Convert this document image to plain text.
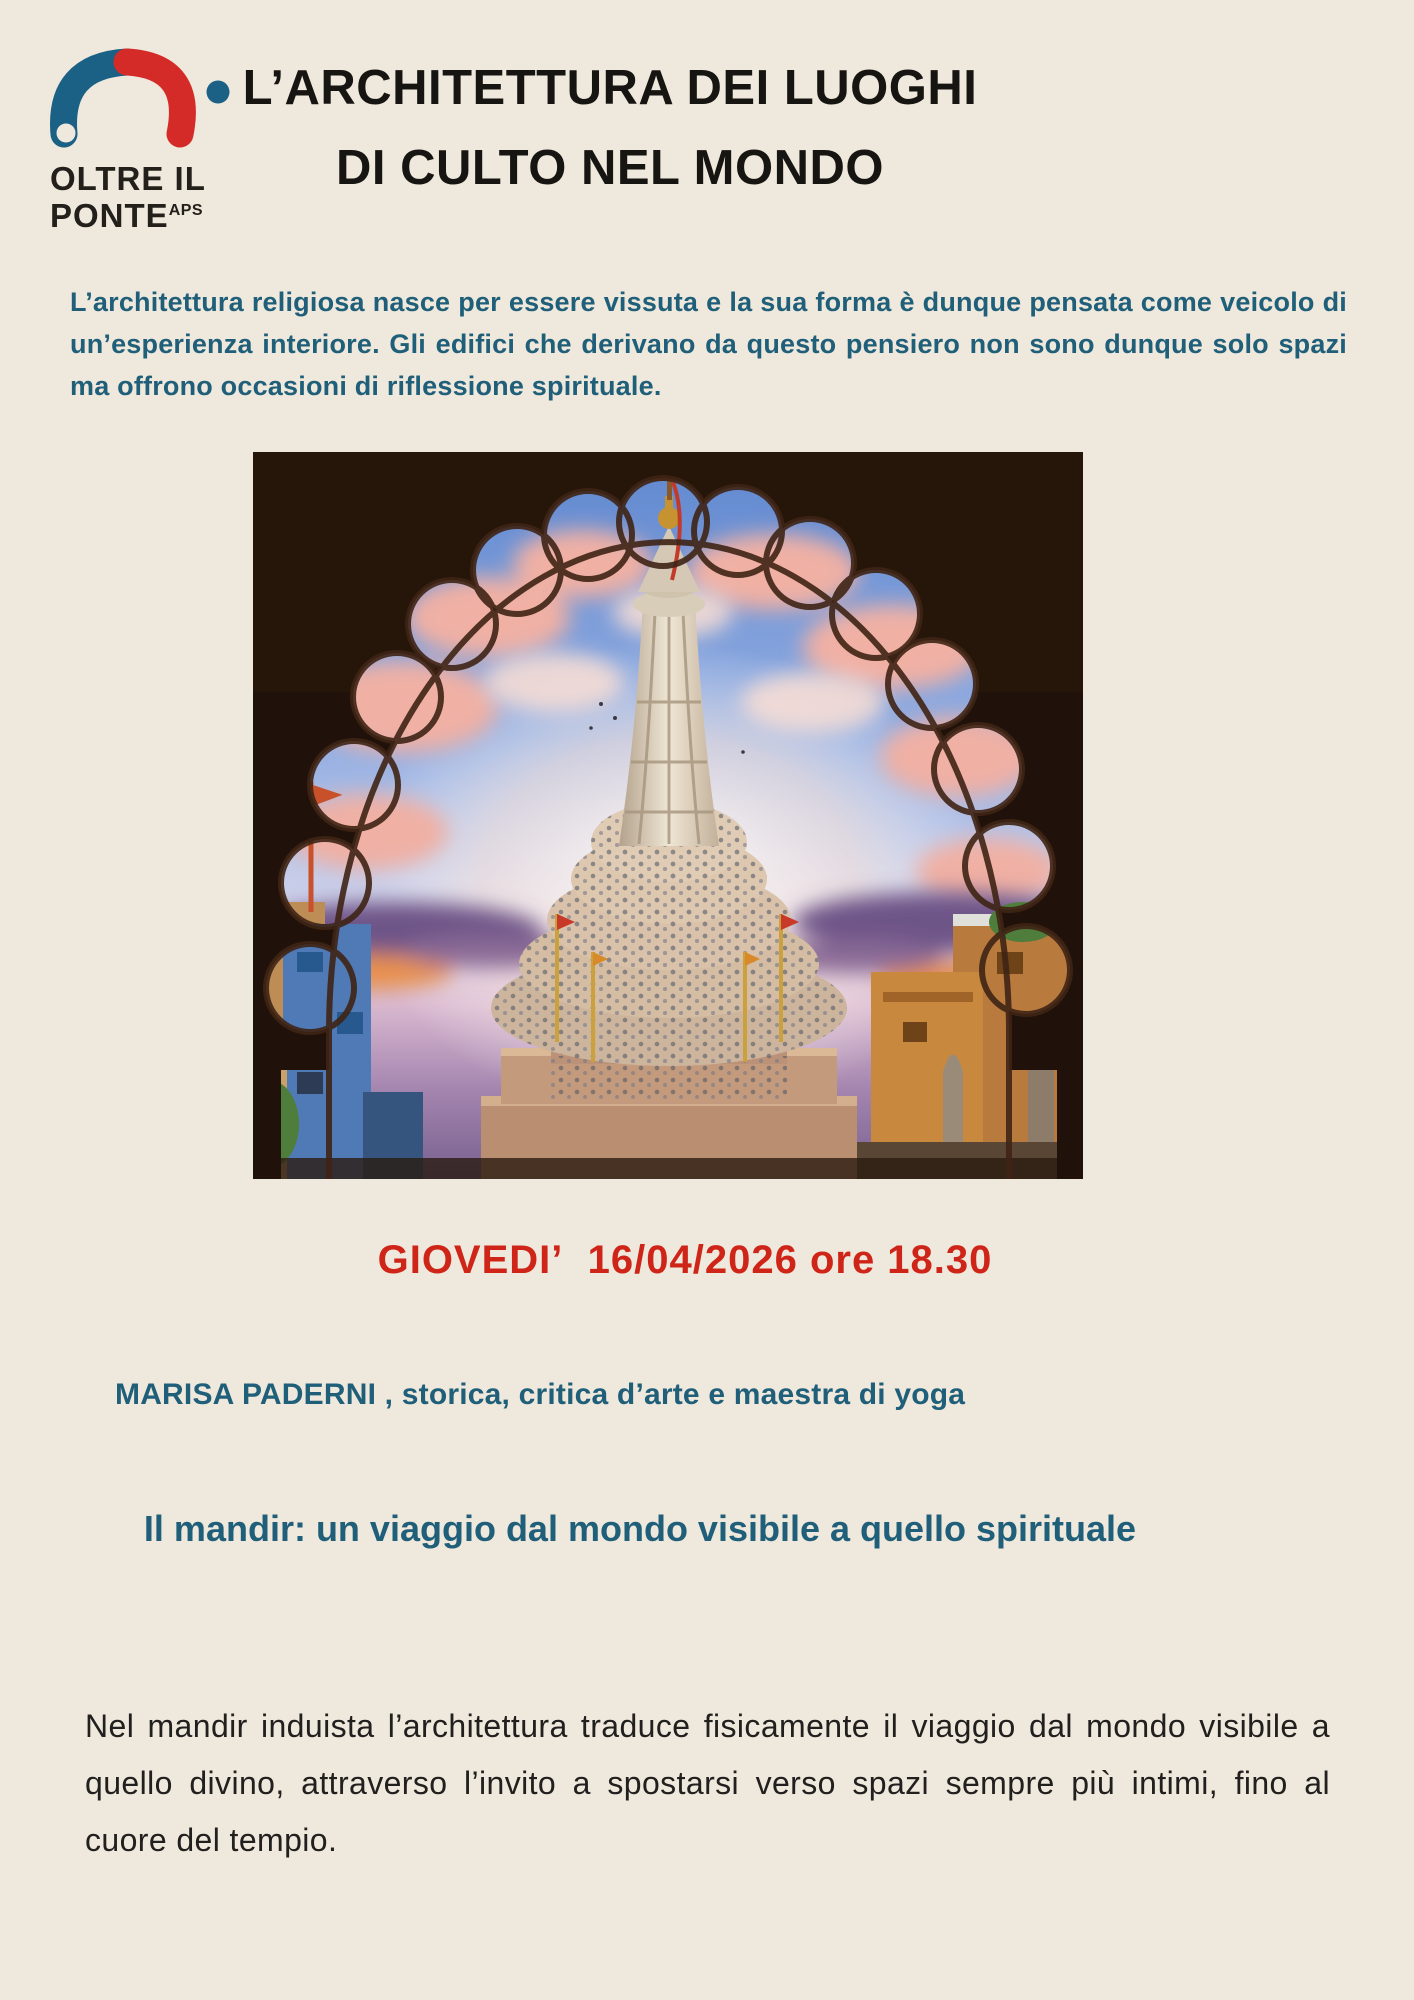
OLTRE IL
$PONTE^{APS}$
L’ARCHITETTURA DEI LUOGHI
DI CULTO NEL MONDO
L’architettura religiosa nasce per essere vissuta e la sua forma è dunque pensata come veicolo di un’esperienza interiore. Gli edifici che derivano da questo pensiero non sono dunque solo spazi ma offrono occasioni di riflessione spirituale.
GIOVEDI’  16/04/2026 ore 18.30
MARISA PADERNI , storica, critica d’arte e maestra di yoga
Il mandir: un viaggio dal mondo visibile a quello spirituale
Nel mandir induista l’architettura traduce fisicamente il viaggio dal mondo visibile a quello divino, attraverso l’invito a spostarsi verso spazi sempre più intimi, fino al cuore del tempio.
